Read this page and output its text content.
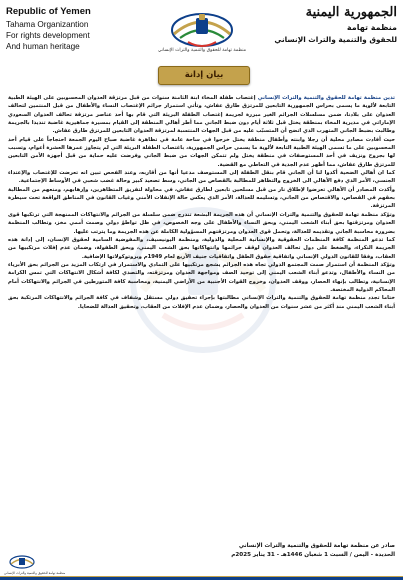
Republic of Yemen
Tahama Organizantion
For rights development
And human heritage	منظمة تهامة للحقوق والتنمية والتراث الإنساني
الجمهورية اليمنية
منظمة تهامة
للحقوق والتنمية والتراث الإنساني
بيان إدانة

تدين منظمة تهامة للحقوق والتنمية والتراث الإنساني إغتصاب طفلة المخاء ابنة الثامنة سنوات من قبل مرتزقة العدوان المحسوبين على الهيئة الطبية التابعة لألوية ما يسمى بحراس الجمهورية التابعين للمرتزق طارق عفاش، وتأتي استمرار جرائم الإغتصاب النساء والأطفال من قبل المنتمين لتحالف العدوان على بلادنا، ضمن مسلسلات الجرائم الغير مبررة لجريمة إغتصاب الطفلة البريئة التي قام بها أحد عناصر مرتزقة تحالف العدوان السعودي الإماراتي في مديرية المخاء بمنطقة يختل قبل ثلاثة أيام دون ضبط الجاني مما أطر أهالي المنطقة إلى القيام بمسيرة جماهيرية غاضبة تنديدا بالجريمة وطالبت بضبط الجاني المتهرب الذي اتضح أن المتسبّب عليه من قبل الجهات المنتسبة لمرتزقة العدوان التابعين للمرتزق طارق عفاش.

حيث أفادت مصادر محلية أن رجلا وابنته وأطفال منطقة يختل خرجوا في ساحة عامة في تظاهرة غاضبة صباح اليوم الجمعة احتجاجاً على قيام أحد المحسوبين على ما تسمى الهيئة الطبية التابعة لألوية ما يسمى حراس الجمهورية، باغتصاب الطفلة البريئة التي لم يتجاوز عمرها العشرة أعوام، وتسبب لها بجروح ونزيف في أحد المستوصفات في منطقة يختل ولم تتمكن الجهات من ضبط الجاني وفرضت عليه حماية من قبل أجهزة الأمن التابعين للمرتزق طارق عفاش، مما أظهر عدم الجدية في التعاطي مع القضية.

كما ان أهالي الضحية أكدوا لنا أن الجاني قام بنقل الطفلة إلى المستوصف مدعيا أنها من أقاربه، وعند الفحص تبين انه تعرضت للإغتصاب والإعتداء الجنسي، الأمر الذي دفع الأهالي الى الخروج والتظاهر للمطالبة بالقصاص من الجاني، وسط تصعيد كبير وحالة غضب شعبي في الأوساط الإجتماعية.

وأكدت المصادر أن الأهالي تعرضوا لإطلاق نار من قبل مسلحين تابعين لطارق عفاش، في محاولة لتفريق المتظاهرين، وإرهابهم، ومنعهم من المطالبة بحقهم في القصاص، والاقتصاص من الجاني، وتسليمه للعدالة، الأمر الذي يعكس حالة الإنفلات الأمني وغياب القانون في المناطق الواقعة تحت سيطرة المرتزقة.

وتؤكد منظمة تهامة للحقوق والتنمية والتراث الإنساني أن هذه الجريمة البشعة تندرج ضمن سلسلة من الجرائم والانتهاكات الممنهجة التي ترتكبها قوى العدوان ومرتزقتها بحق أبناء الشعب اليمني، وبحق النساء والأطفال على وجه الخصوص، في ظل تواطؤ دولي وصمت أممي مخز، وتطالب المنظمة بضرورة محاسبة الجاني وتقديمه للعدالة، وتحمل قوى العدوان ومرتزقتهم المسؤولية الكاملة عن هذه الجريمة وما يترتب عليها.

كما تدعو المنظمة كافة المنظمات الحقوقية والإنسانية المحلية والدولية، ومنظمة اليونيسيف، والمفوضية السامية لحقوق الإنسان، إلى إدانة هذه الجريمة النكراء، والضغط على دول تحالف العدوان لوقف جرائمها وانتهاكاتها بحق الشعب اليمني، وبحق الطفولة، وضمان عدم إفلات مرتكبيها من العقاب، وفقا للقانون الدولي الإنساني واتفاقية حقوق الطفل واتفاقيات جنيف الأربع لعام 1949م وبروتوكولاتها الإضافية.

وتؤكد المنظمة أن استمرار صمت المجتمع الدولي تجاه هذه الجرائم يشجع مرتكبيها على التمادي والاستمرار في ارتكاب المزيد من الجرائم بحق الأبرياء من النساء والأطفال، وتدعو أبناء الشعب اليمني إلى توحيد الصف ومواجهة العدوان ومرتزقته، والتصدي لكافة أشكال الانتهاكات التي تمس الكرامة الإنسانية، وتطالب بإنهاء الحصار، ووقف العدوان، وخروج القوات الأجنبية من الأراضي اليمنية، ومحاسبة كافة المتورطين في الجرائم والانتهاكات أمام المحاكم الدولية المختصة.

ختاما تجدد منظمة تهامة للحقوق والتنمية والتراث الإنساني مطالبتها بإجراء تحقيق دولي مستقل وشفاف في كافة الجرائم والانتهاكات المرتكبة بحق أبناء الشعب اليمني منذ أكثر من عشر سنوات من العدوان والحصار، وضمان عدم الإفلات من العقاب، وتحقيق العدالة للضحايا.

صادر عن منظمة تهامة للحقوق والتنمية والتراث الإنساني
الحديدة - اليمن / السبت 1 شعبان 1446هـ - 31 يناير 2025م
منظمة تهامة للحقوق والتنمية والتراث الإنساني
